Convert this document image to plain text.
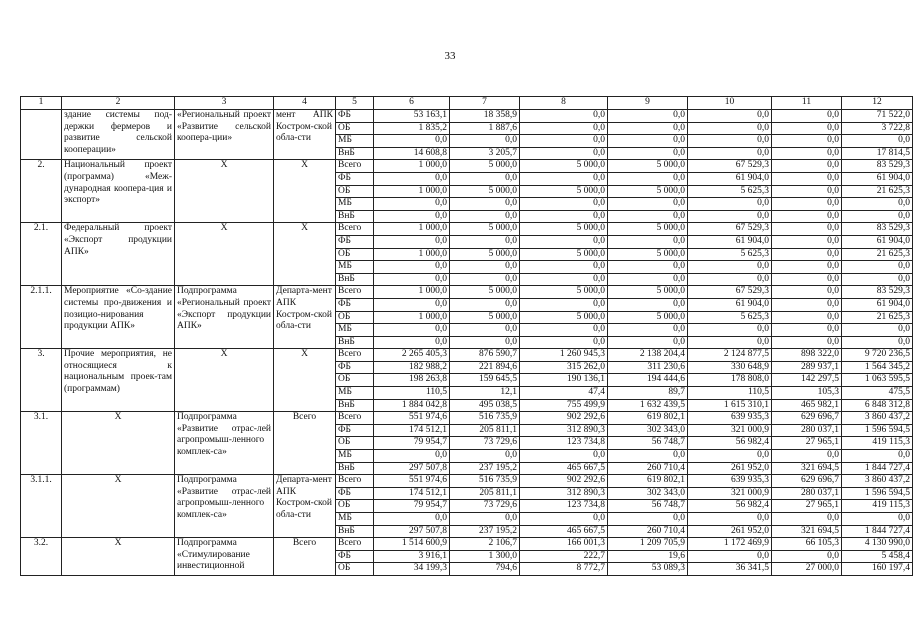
33
1	2	3	4	5	6	7	8	9	10	11	12
	здание системы под-держки фермеров и развитие сельской кооперации»	«Региональный проект «Развитие сельской коопера-ции»	мент АПК Костром-ской обла-сти	ФБ	53 163,1	18 358,9	0,0	0,0	0,0	0,0	71 522,0
				ОБ	1 835,2	1 887,6	0,0	0,0	0,0	0,0	3 722,8
				МБ	0,0	0,0	0,0	0,0	0,0	0,0	0,0
				ВнБ	14 608,8	3 205,7	0,0	0,0	0,0	0,0	17 814,5
2.	Национальный проект (программа) «Меж-дународная коопера-ция и экспорт»	Х	Х	Всего	1 000,0	5 000,0	5 000,0	5 000,0	67 529,3	0,0	83 529,3
				ФБ	0,0	0,0	0,0	0,0	61 904,0	0,0	61 904,0
				ОБ	1 000,0	5 000,0	5 000,0	5 000,0	5 625,3	0,0	21 625,3
				МБ	0,0	0,0	0,0	0,0	0,0	0,0	0,0
				ВнБ	0,0	0,0	0,0	0,0	0,0	0,0	0,0
2.1.	Федеральный проект «Экспорт продукции АПК»	Х	Х	Всего	1 000,0	5 000,0	5 000,0	5 000,0	67 529,3	0,0	83 529,3
				ФБ	0,0	0,0	0,0	0,0	61 904,0	0,0	61 904,0
				ОБ	1 000,0	5 000,0	5 000,0	5 000,0	5 625,3	0,0	21 625,3
				МБ	0,0	0,0	0,0	0,0	0,0	0,0	0,0
				ВнБ	0,0	0,0	0,0	0,0	0,0	0,0	0,0
2.1.1.	Мероприятие «Со-здание системы про-движения и позицио-нирования продукции АПК»	Подпрограмма «Региональный проект «Экспорт продукции АПК»	Департа-мент АПК Костром-ской обла-сти	Всего	1 000,0	5 000,0	5 000,0	5 000,0	67 529,3	0,0	83 529,3
				ФБ	0,0	0,0	0,0	0,0	61 904,0	0,0	61 904,0
				ОБ	1 000,0	5 000,0	5 000,0	5 000,0	5 625,3	0,0	21 625,3
				МБ	0,0	0,0	0,0	0,0	0,0	0,0	0,0
				ВнБ	0,0	0,0	0,0	0,0	0,0	0,0	0,0
3.	Прочие мероприятия, не относящиеся к национальным проек-там (программам)	Х	Х	Всего	2 265 405,3	876 590,7	1 260 945,3	2 138 204,4	2 124 877,5	898 322,0	9 720 236,5
				ФБ	182 988,2	221 894,6	315 262,0	311 230,6	330 648,9	289 937,1	1 564 345,2
				ОБ	198 263,8	159 645,5	190 136,1	194 444,6	178 808,0	142 297,5	1 063 595,5
				МБ	110,5	12,1	47,4	89,7	110,5	105,3	475,5
				ВнБ	1 884 042,8	495 038,5	755 499,9	1 632 439,5	1 615 310,1	465 982,1	6 848 312,8
3.1.	Х	Подпрограмма «Развитие отрас-лей агропромыш-ленного комплек-са»	Всего	Всего	551 974,6	516 735,9	902 292,6	619 802,1	639 935,3	629 696,7	3 860 437,2
				ФБ	174 512,1	205 811,1	312 890,3	302 343,0	321 000,9	280 037,1	1 596 594,5
				ОБ	79 954,7	73 729,6	123 734,8	56 748,7	56 982,4	27 965,1	419 115,3
				МБ	0,0	0,0	0,0	0,0	0,0	0,0	0,0
				ВнБ	297 507,8	237 195,2	465 667,5	260 710,4	261 952,0	321 694,5	1 844 727,4
3.1.1.	Х	Подпрограмма «Развитие отрас-лей агропромыш-ленного комплек-са»	Департа-мент АПК Костром-ской обла-сти	Всего	551 974,6	516 735,9	902 292,6	619 802,1	639 935,3	629 696,7	3 860 437,2
				ФБ	174 512,1	205 811,1	312 890,3	302 343,0	321 000,9	280 037,1	1 596 594,5
				ОБ	79 954,7	73 729,6	123 734,8	56 748,7	56 982,4	27 965,1	419 115,3
				МБ	0,0	0,0	0,0	0,0	0,0	0,0	0,0
				ВнБ	297 507,8	237 195,2	465 667,5	260 710,4	261 952,0	321 694,5	1 844 727,4
3.2.	Х	Подпрограмма «Стимулирование инвестиционной	Всего	Всего	1 514 600,9	2 106,7	166 001,3	1 209 705,9	1 172 469,9	66 105,3	4 130 990,0
				ФБ	3 916,1	1 300,0	222,7	19,6	0,0	0,0	5 458,4
				ОБ	34 199,3	794,6	8 772,7	53 089,3	36 341,5	27 000,0	160 197,4
